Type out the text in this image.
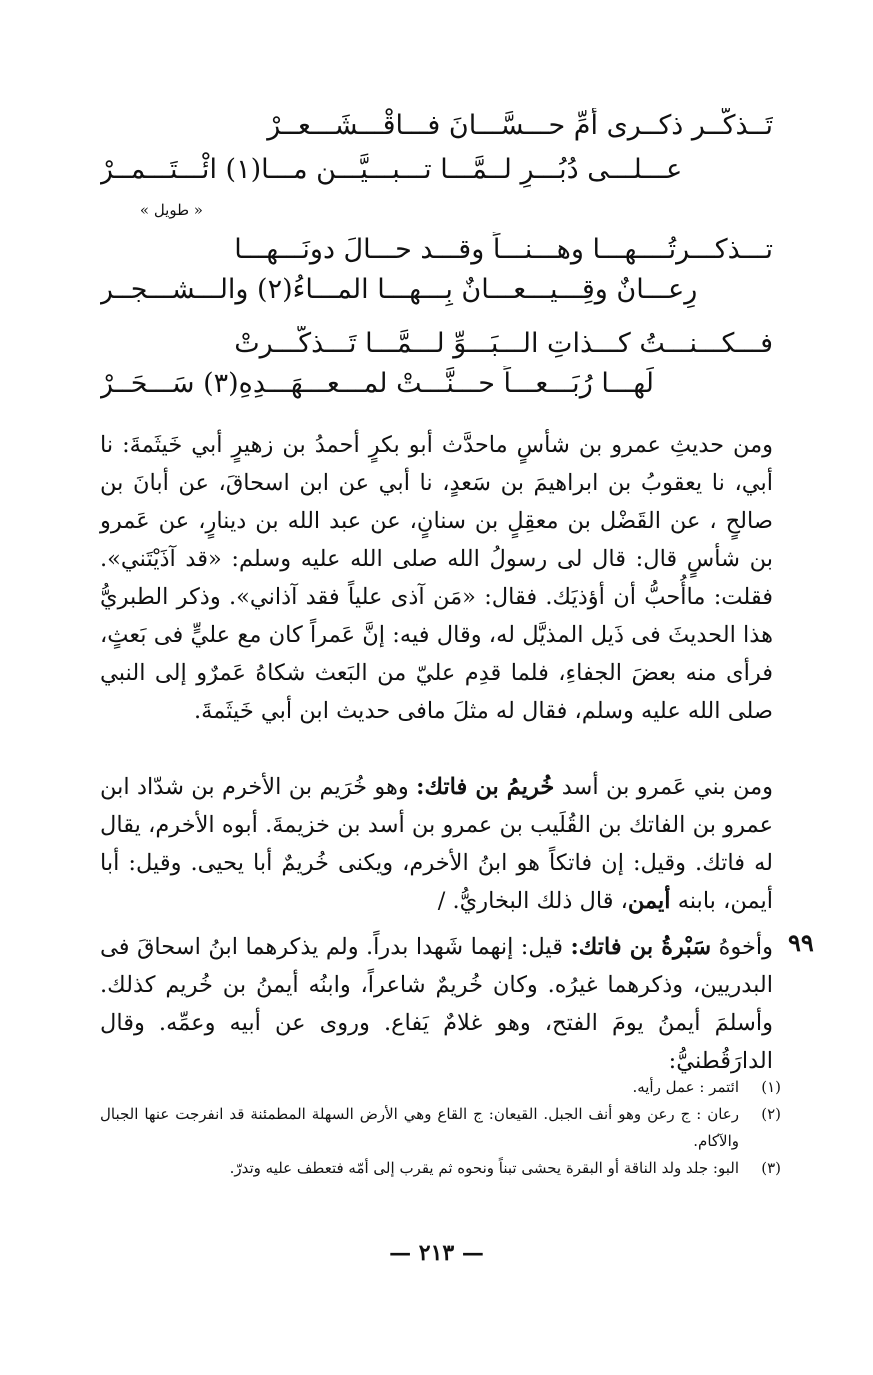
تَــذكَّــر ذكــرى أمِّ حـــسَّـــانَ فـــاقْـــشَـــعــرْ
عـــلـــى دُبُـــرٍ لــمَّـــا تـــبـــيَّـــن مـــا(١) ائْـــتَـــمــرْ
« طويل »
تـــذكـــرتُــــهـــا وهـــنـــاً وقـــد حـــالَ دونَـــهـــا
رِعـــانٌ وقِـــيـــعـــانٌ بِـــهـــا المـــاءُ(٢) والـــشـــجــر
فـــكـــنـــتُ كـــذاتِ الـــبَـــوِّ لـــمَّـــا تَـــذكَّـــرتْ
لَهـــا رُبَـــعـــاً حـــنَّـــتْ لمـــعـــهَـــدِهِ(٣) سَـــحَــرْ
ومن حديثِ عمرو بن شأسٍ ماحدَّث أبو بكرٍ أحمدُ بن زهيرٍ أبي خَيثَمةَ: نا أبي، نا يعقوبُ بن ابراهيمَ بن سَعدٍ، نا أبي عن ابن اسحاقَ، عن أبانَ بن صالحٍ ، عن القَضْل بن معقِلٍ بن سنانٍ، عن عبد الله بن دينارٍ، عن عَمرو بن شأسٍ قال: قال لى رسولُ الله صلى الله عليه وسلم: «قد آذَيْتَني». فقلت: ماأُحبُّ أن أؤذيَك. فقال: «مَن آذى علياً فقد آذاني». وذكر الطبريُّ هذا الحديثَ فى ذَيل المذيَّل له، وقال فيه: إنَّ عَمراً كان مع عليٍّ فى بَعثٍ، فرأى منه بعضَ الجفاءِ، فلما قدِم عليّ من البَعث شكاهُ عَمرٌو إلى النبي صلى الله عليه وسلم، فقال له مثلَ مافى حديث ابن أبي خَيثَمةَ.
ومن بني عَمرو بن أسد خُريمُ بن فاتك: وهو خُرَيم بن الأخرم بن شدّاد ابن عمرو بن الفاتك بن القُلَيب بن عمرو بن أسد بن خزيمةَ. أبوه الأخرم، يقال له فاتك. وقيل: إن فاتكاً هو ابنُ الأخرم، ويكنى خُريمٌ أبا يحيى. وقيل: أبا أيمن، بابنه أيمن، قال ذلك البخاريُّ. /
٩٩
وأخوهُ سَبْرةُ بن فاتك: قيل: إنهما شَهدا بدراً. ولم يذكرهما ابنُ اسحاقَ فى البدريين، وذكرهما غيرُه. وكان خُريمٌ شاعراً، وابنُه أيمنُ بن خُريم كذلك. وأسلمَ أيمنُ يومَ الفتح، وهو غلامٌ يَفاع. وروى عن أبيه وعمِّه. وقال الدارَقُطنيُّ:
(١)
ائتمر : عمل رأيه.
(٢)
رعان : ج رعن وهو أنف الجبل. القيعان: ج القاع وهي الأرض السهلة المطمئنة قد انفرجت عنها الجبال والآكام.
(٣)
البو: جلد ولد الناقة أو البقرة يحشى تبناً ونحوه ثم يقرب إلى أمّه فتعطف عليه وتدرّ.
— ٢١٣ —
